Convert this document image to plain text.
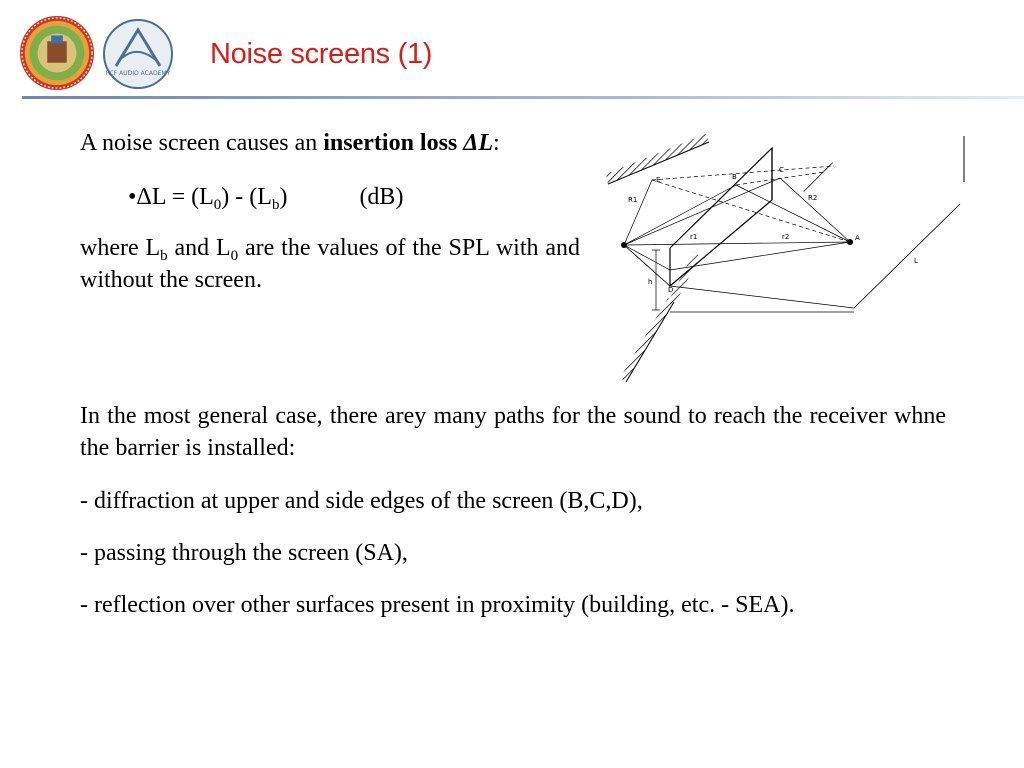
RCF AUDIO ACADEMY
Noise screens (1)
A noise screen causes an insertion loss ΔL:
•ΔL = $(L_0) - (L_b)$	(dB)
where $L_b$ and $L_0$ are the values of the SPL with and without the screen.
E	B
C
R1	R2
r1	r2	A
D
h
L
In the most general case, there arey many paths for the sound to reach the receiver whne the barrier is installed:
- diffraction at upper and side edges of the screen (B,C,D),
- passing through the screen (SA),
- reflection over other surfaces present in proximity (building, etc. - SEA).
